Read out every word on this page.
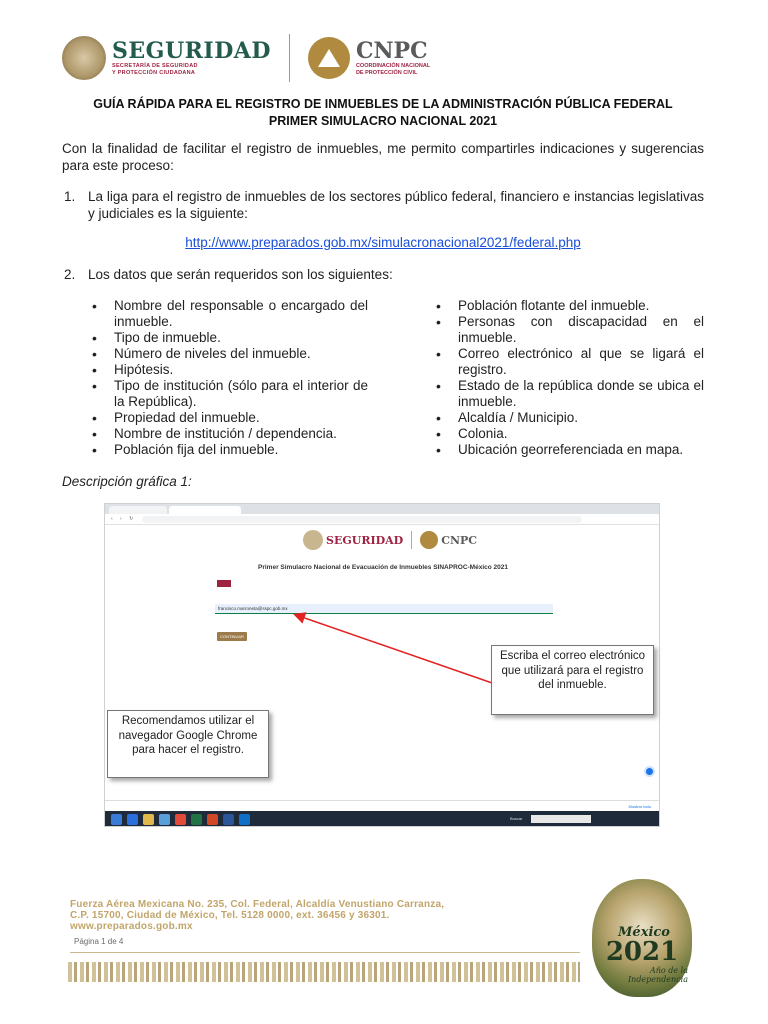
SEGURIDAD
SECRETARÍA DE SEGURIDAD
Y PROTECCIÓN CIUDADANA
CNPC
COORDINACIÓN NACIONAL
DE PROTECCIÓN CIVIL
GUÍA RÁPIDA PARA EL REGISTRO DE INMUEBLES DE LA ADMINISTRACIÓN PÚBLICA FEDERAL
PRIMER SIMULACRO NACIONAL 2021
Con la finalidad de facilitar el registro de inmuebles, me permito compartirles indicaciones y sugerencias para este proceso:
1. La liga para el registro de inmuebles de los sectores público federal, financiero e instancias legislativas y judiciales es la siguiente:
http://www.preparados.gob.mx/simulacronacional2021/federal.php
2. Los datos que serán requeridos son los siguientes:
• Nombre del responsable o encargado del inmueble.
• Tipo de inmueble.
• Número de niveles del inmueble.
• Hipótesis.
• Tipo de institución (sólo para el interior de la República).
• Propiedad del inmueble.
• Nombre de institución / dependencia.
• Población fija del inmueble.
• Población flotante del inmueble.
• Personas con discapacidad en el inmueble.
• Correo electrónico al que se ligará el registro.
• Estado de la república donde se ubica el inmueble.
• Alcaldía / Municipio.
• Colonia.
• Ubicación georreferenciada en mapa.
Descripción gráfica 1:
‹ › ↻
SEGURIDAD	CNPC
Primer Simulacro Nacional de Evacuación de Inmuebles SINAPROC-México 2021
francisco.marroneta@sspc.gob.mx
CONTINUAR
Mostrar todo
Buscar
Escriba el correo electrónico que utilizará para el registro del inmueble.
Recomendamos utilizar el navegador Google Chrome para hacer el registro.
Fuerza Aérea Mexicana No. 235, Col. Federal, Alcaldía Venustiano Carranza,
C.P. 15700, Ciudad de México, Tel. 5128 0000, ext. 36456 y 36301.
www.preparados.gob.mx
Página 1 de 4
México
2021
Año de la Independencia
